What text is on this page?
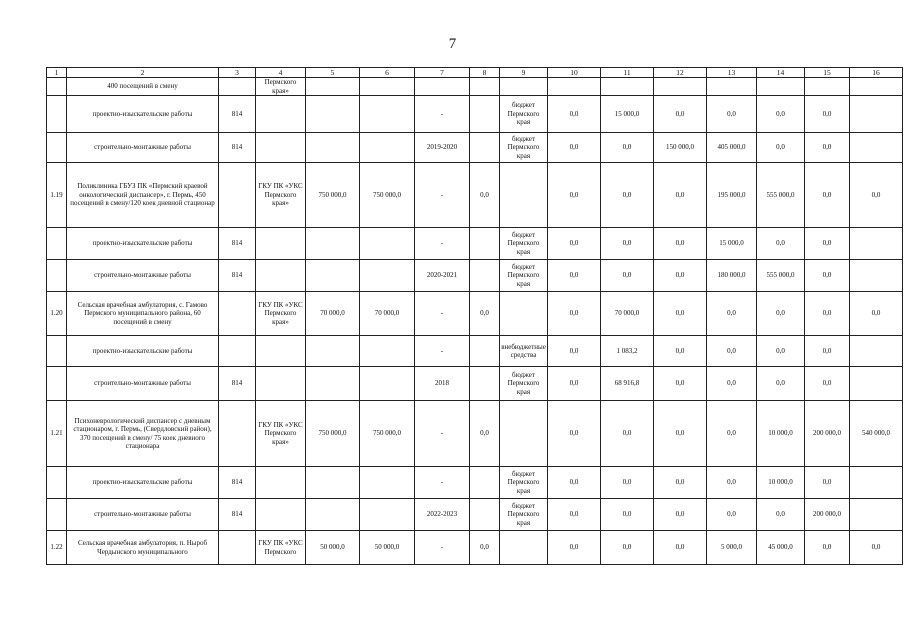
7
1	2	3	4	5	6	7	8	9	10	11	12	13	14	15	16
	400 посещений в смену		Пермского края»												
	проектно-изыскательские работы	814				-		бюджет Пермского края	0,0	15 000,0	0,0	0,0	0,0	0,0	
	строительно-монтажные работы	814				2019-2020		бюджет Пермского края	0,0	0,0	150 000,0	405 000,0	0,0	0,0	
1.19	Поликлиника ГБУЗ ПК «Пермский краевой онкологический диспансер», г. Пермь, 450 посещений в смену/120 коек дневной стационар		ГКУ ПК «УКС Пермского края»	750 000,0	750 000,0	-	0,0		0,0	0,0	0,0	195 000,0	555 000,0	0,0	0,0
	проектно-изыскательские работы	814				-		бюджет Пермского края	0,0	0,0	0,0	15 000,0	0,0	0,0	
	строительно-монтажные работы	814				2020-2021		бюджет Пермского края	0,0	0,0	0,0	180 000,0	555 000,0	0,0	
1.20	Сельская врачебная амбулатория, с. Гамово Пермского муниципального района, 60 посещений в смену		ГКУ ПК «УКС Пермского края»	70 000,0	70 000,0	-	0,0		0,0	70 000,0	0,0	0,0	0,0	0,0	0,0
	проектно-изыскательские работы					-		внебюджетные средства	0,0	1 083,2	0,0	0,0	0,0	0,0	
	строительно-монтажные работы	814				2018		бюджет Пермского края	0,0	68 916,8	0,0	0,0	0,0	0,0	
1.21	Психоневрологический диспансер с дневным стационаром, г. Пермь, (Свердловский район), 370 посещений в смену/ 75 коек дневного стационара		ГКУ ПК «УКС Пермского края»	750 000,0	750 000,0	-	0,0		0,0	0,0	0,0	0,0	10 000,0	200 000,0	540 000,0
	проектно-изыскательские работы	814				-		бюджет Пермского края	0,0	0,0	0,0	0,0	10 000,0	0,0	
	строительно-монтажные работы	814				2022-2023		бюджет Пермского края	0,0	0,0	0,0	0,0	0,0	200 000,0	
1.22	Сельская врачебная амбулатория, п. Ныроб Чердынского муниципального		ГКУ ПК «УКС Пермского	50 000,0	50 000,0	-	0,0		0,0	0,0	0,0	5 000,0	45 000,0	0,0	0,0
